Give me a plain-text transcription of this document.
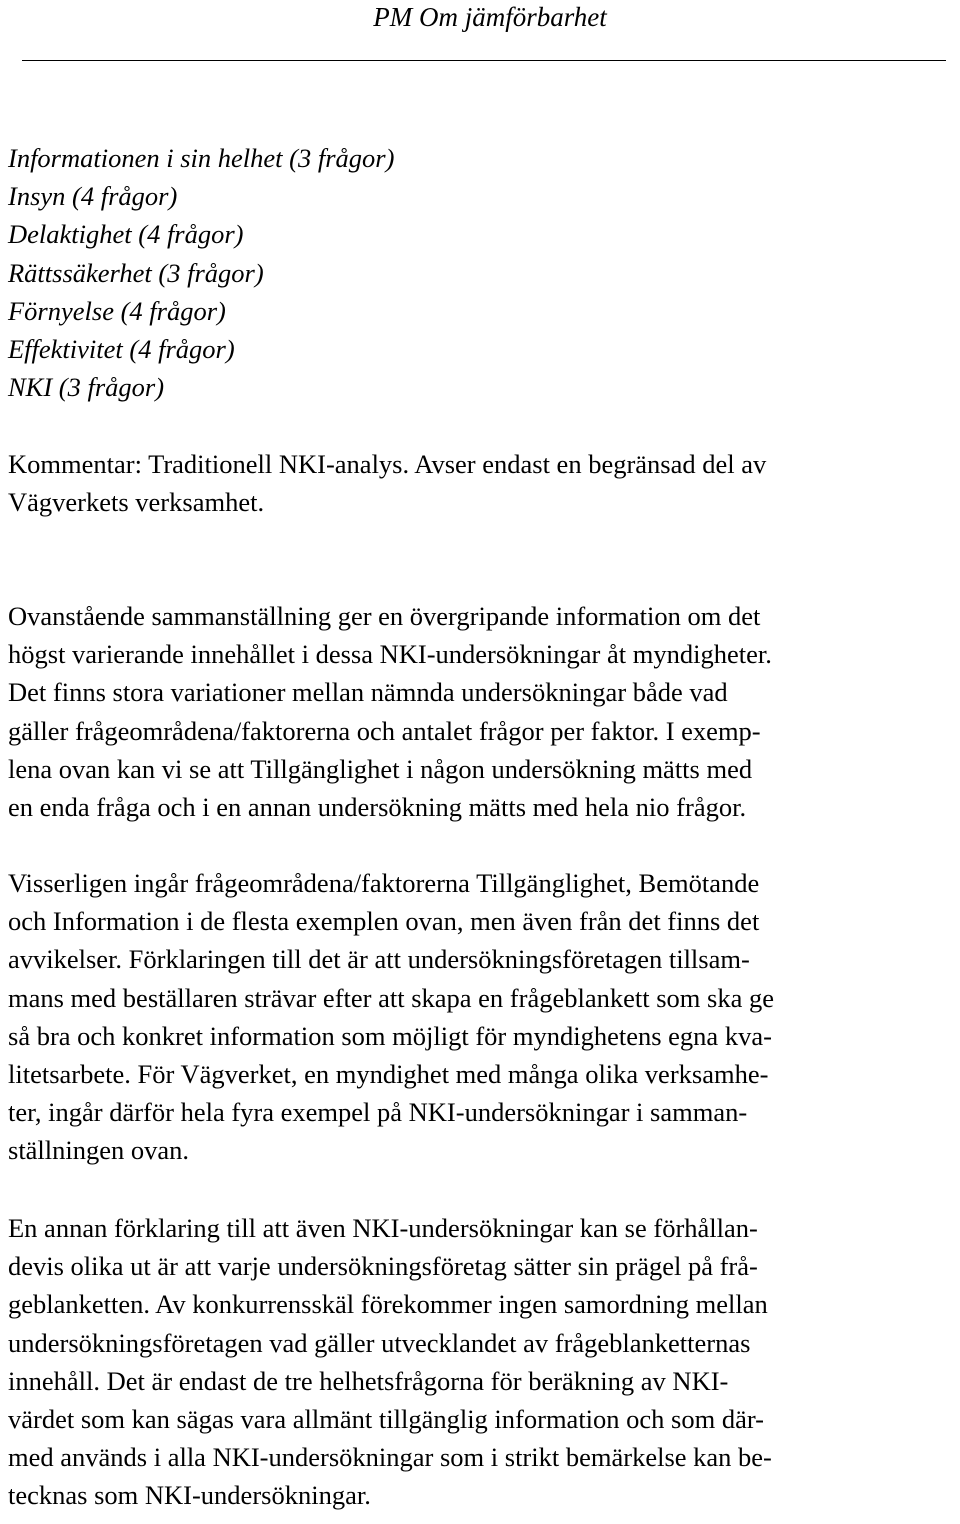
PM Om jämförbarhet
Informationen i sin helhet (3 frågor)
Insyn (4 frågor)
Delaktighet (4 frågor)
Rättssäkerhet (3 frågor)
Förnyelse (4 frågor)
Effektivitet (4 frågor)
NKI (3 frågor)
Kommentar: Traditionell NKI-analys. Avser endast en begränsad del av
Vägverkets verksamhet.
Ovanstående sammanställning ger en övergripande information om det
högst varierande innehållet i dessa NKI-undersökningar åt myndigheter.
Det finns stora variationer mellan nämnda undersökningar både vad
gäller frågeområdena/faktorerna och antalet frågor per faktor. I exemp-
lena ovan kan vi se att Tillgänglighet i någon undersökning mätts med
en enda fråga och i en annan undersökning mätts med hela nio frågor.
Visserligen ingår frågeområdena/faktorerna Tillgänglighet, Bemötande
och Information i de flesta exemplen ovan, men även från det finns det
avvikelser. Förklaringen till det är att undersökningsföretagen tillsam-
mans med beställaren strävar efter att skapa en frågeblankett som ska ge
så bra och konkret information som möjligt för myndighetens egna kva-
litetsarbete. För Vägverket, en myndighet med många olika verksamhe-
ter, ingår därför hela fyra exempel på NKI-undersökningar i samman-
ställningen ovan.
En annan förklaring till att även NKI-undersökningar kan se förhållan-
devis olika ut är att varje undersökningsföretag sätter sin prägel på frå-
geblanketten. Av konkurrensskäl förekommer ingen samordning mellan
undersökningsföretagen vad gäller utvecklandet av frågeblanketternas
innehåll. Det är endast de tre helhetsfrågorna för beräkning av NKI-
värdet som kan sägas vara allmänt tillgänglig information och som där-
med används i alla NKI-undersökningar som i strikt bemärkelse kan be-
tecknas som NKI-undersökningar.
